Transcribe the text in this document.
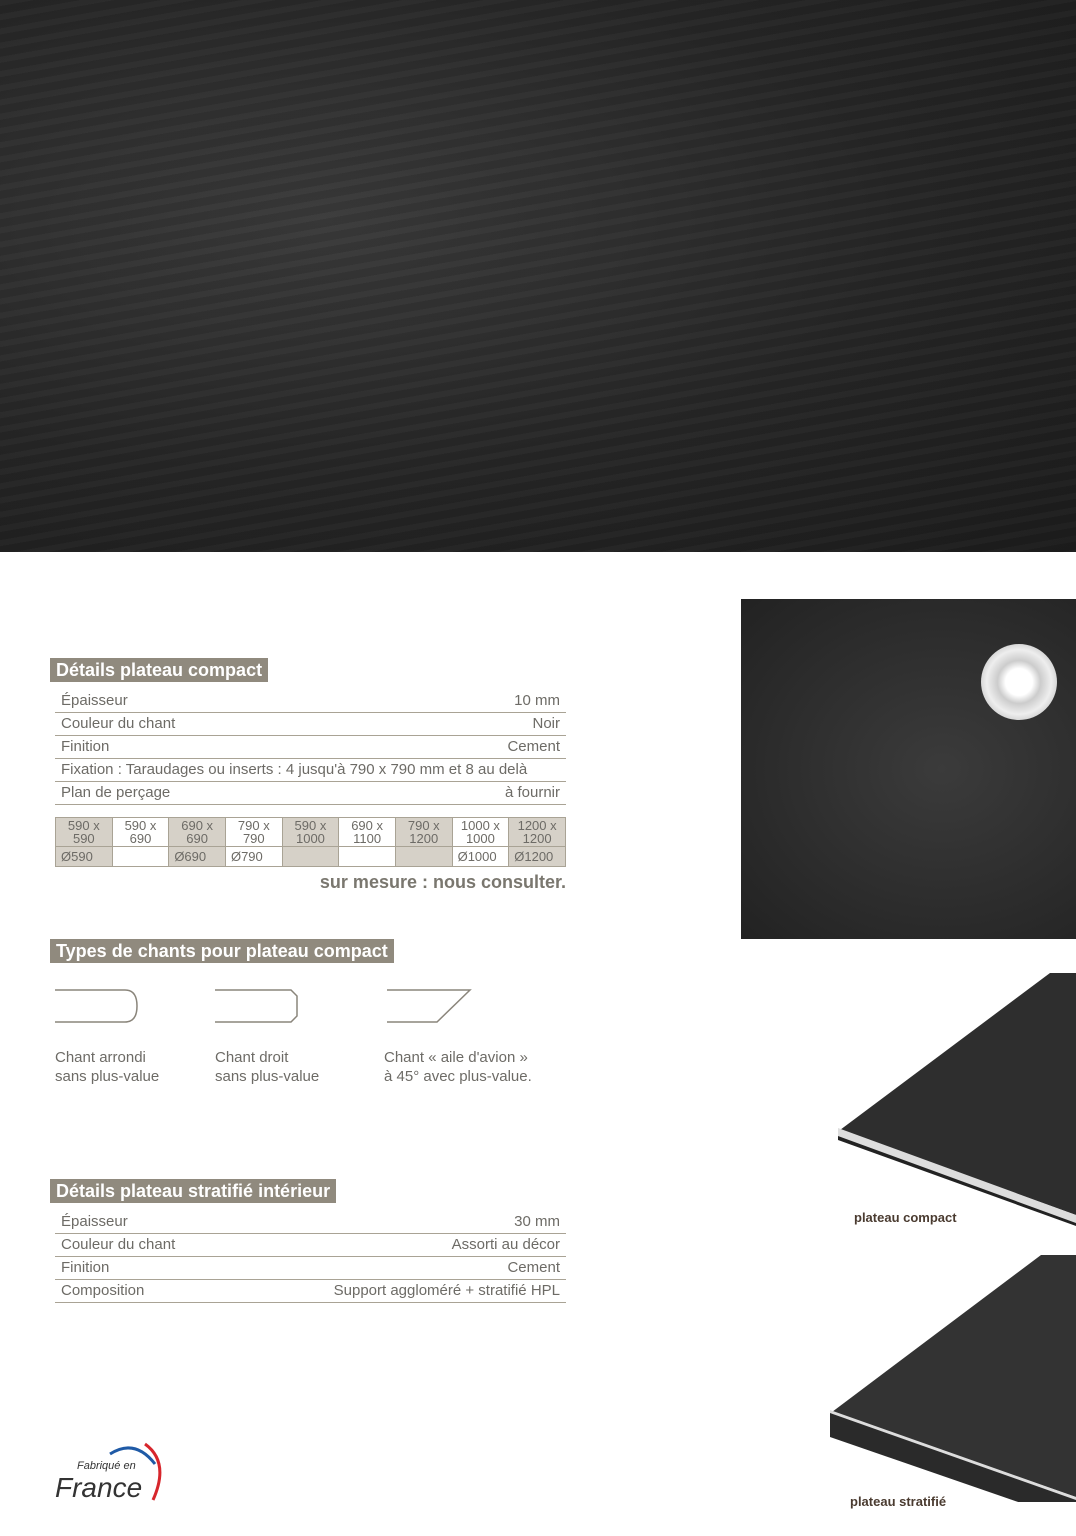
Détails plateau compact
Épaisseur	10 mm
Couleur du chant	Noir
Finition	Cement
Fixation : Taraudages ou inserts : 4 jusqu'à 790 x 790 mm et 8 au delà
Plan de perçage	à fournir
590 x 590	590 x 690	690 x 690	790 x 790	590 x 1000	690 x 1100	790 x 1200	1000 x 1000	1200 x 1200
Ø590		Ø690	Ø790				Ø1000	Ø1200
sur mesure : nous consulter.
Types de chants pour plateau compact
Chant arrondi
sans plus-value
Chant droit
sans plus-value
Chant « aile d'avion »
à 45° avec plus-value.
Détails plateau stratifié intérieur
Épaisseur	30 mm
Couleur du chant	Assorti au décor
Finition	Cement
Composition	Support aggloméré + stratifié HPL
plateau compact
plateau stratifié
Fabriqué en
France
